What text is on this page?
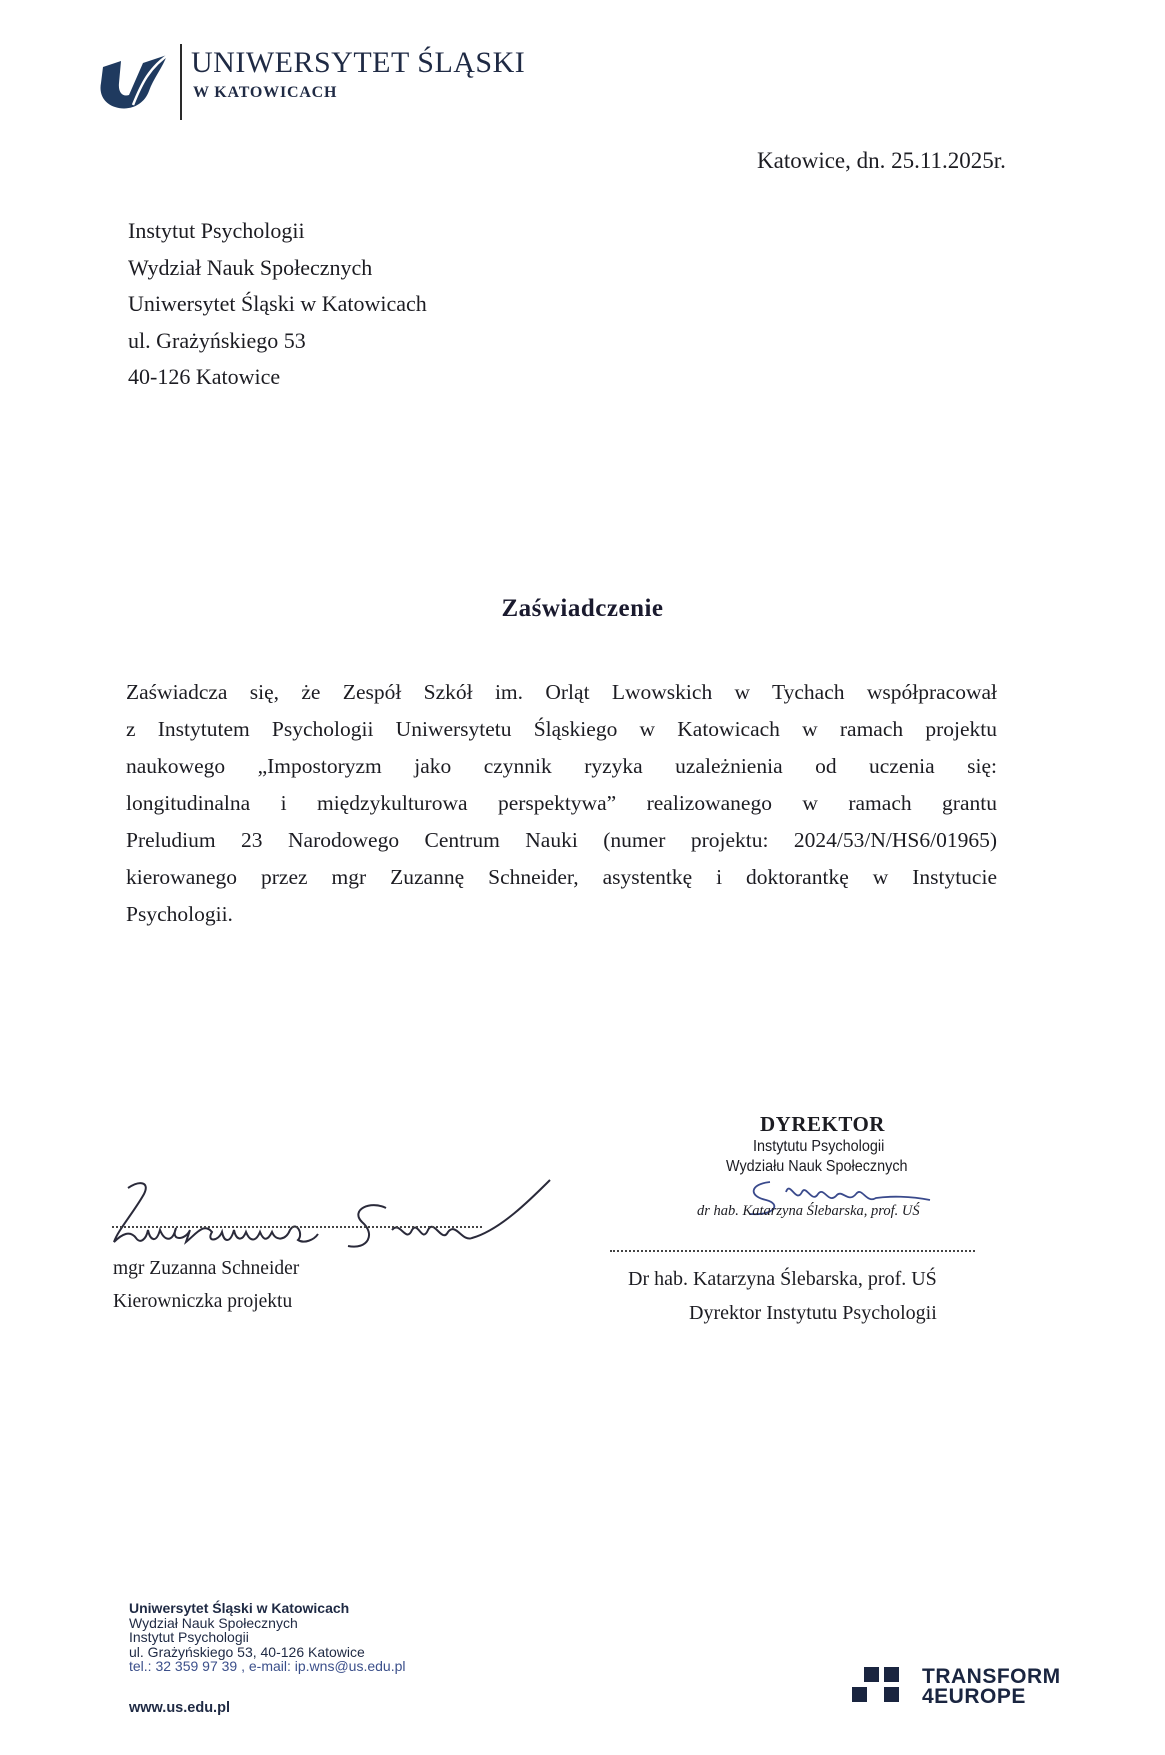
UNIWERSYTET ŚLĄSKI
W KATOWICACH
Katowice, dn. 25.11.2025r.
Instytut Psychologii
Wydział Nauk Społecznych
Uniwersytet Śląski w Katowicach
ul. Grażyńskiego 53
40-126 Katowice
Zaświadczenie
Zaświadcza się, że Zespół Szkół im. Orląt Lwowskich w Tychach współpracował
z Instytutem Psychologii Uniwersytetu Śląskiego w Katowicach w ramach projektu
naukowego „Impostoryzm jako czynnik ryzyka uzależnienia od uczenia się:
longitudinalna i międzykulturowa perspektywa” realizowanego w ramach grantu
Preludium 23 Narodowego Centrum Nauki (numer projektu: 2024/53/N/HS6/01965)
kierowanego przez mgr Zuzannę Schneider, asystentkę i doktorantkę w Instytucie
Psychologii.
mgr Zuzanna Schneider
Kierowniczka projektu
DYREKTOR
Instytutu Psychologii
Wydziału Nauk Społecznych
dr hab. Katarzyna Ślebarska, prof. UŚ
Dr hab. Katarzyna Ślebarska, prof. UŚ
Dyrektor Instytutu Psychologii
Uniwersytet Śląski w Katowicach
Wydział Nauk Społecznych
Instytut Psychologii
ul. Grażyńskiego 53, 40-126 Katowice
tel.: 32 359 97 39 , e-mail: ip.wns@us.edu.pl
www.us.edu.pl
TRANSFORM
4EUROPE
